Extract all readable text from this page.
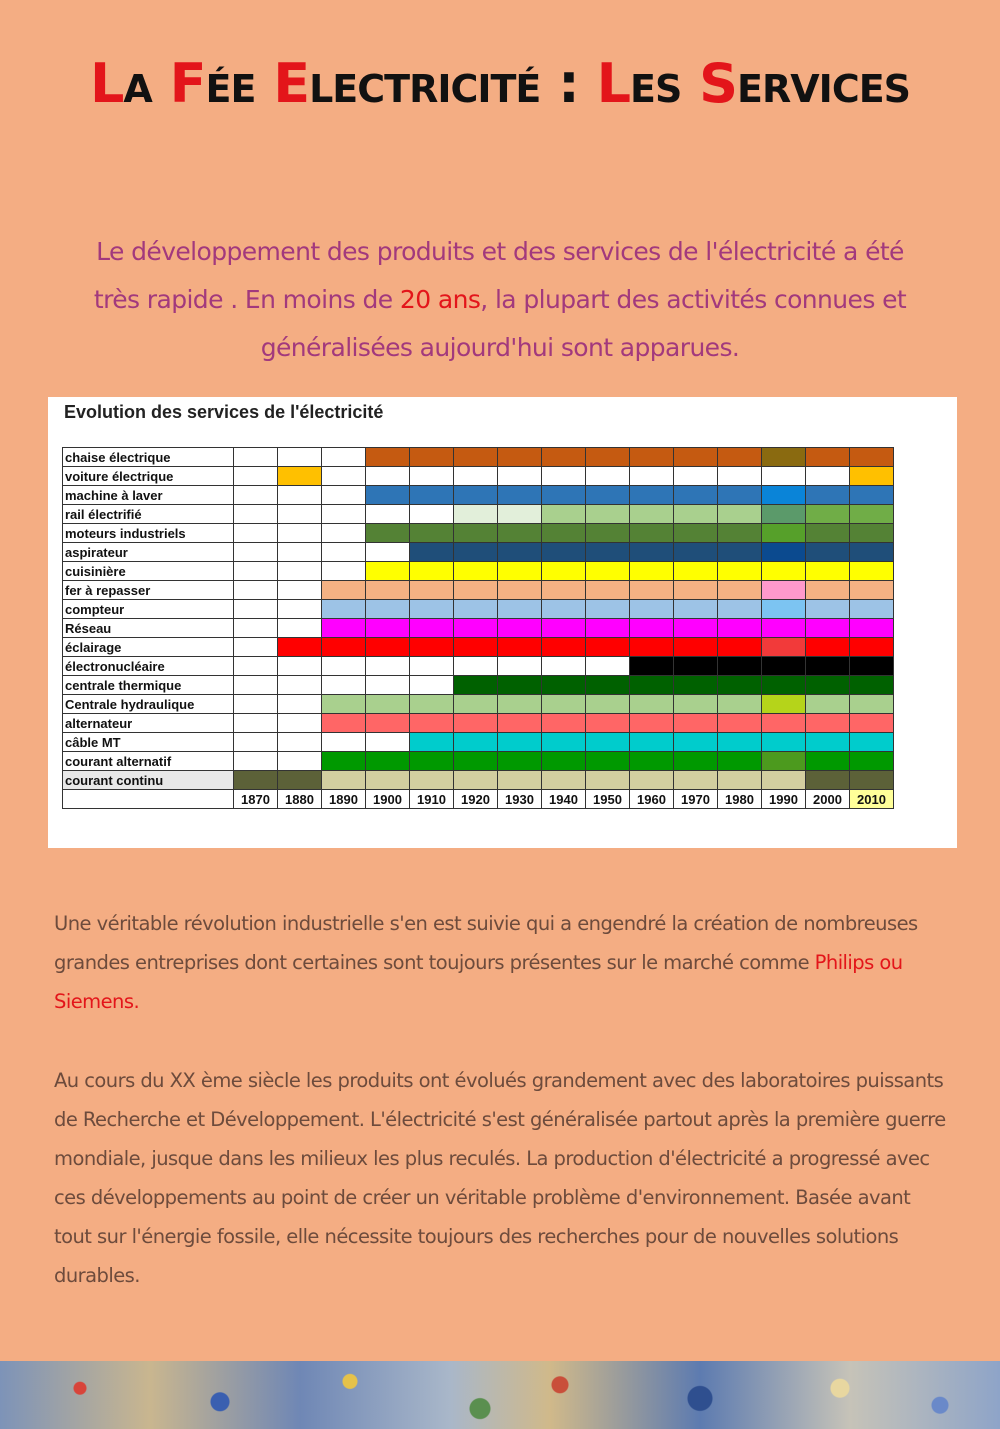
La Fée Electricité : Les Services
Le développement des produits et des services de l'électricité a été très rapide . En moins de 20 ans, la plupart des activités connues et généralisées aujourd'hui sont apparues.
Evolution des services de l'électricité
chaise électrique															
voiture électrique															
machine à laver															
rail électrifié															
moteurs industriels															
aspirateur															
cuisinière															
fer à repasser															
compteur															
Réseau															
éclairage															
électronucléaire															
centrale thermique															
Centrale hydraulique															
alternateur															
câble MT															
courant alternatif															
courant continu															
	1870	1880	1890	1900	1910	1920	1930	1940	1950	1960	1970	1980	1990	2000	2010
Une véritable révolution industrielle s'en est suivie qui a engendré la création de nombreuses grandes entreprises dont certaines sont toujours présentes sur le marché comme Philips ou Siemens.
Au cours du XX ème siècle les produits ont évolués grandement avec des laboratoires puissants de Recherche et Développement. L'électricité s'est généralisée partout après la première guerre mondiale, jusque dans les milieux les plus reculés. La production d'électricité a progressé avec ces développements au point de créer un véritable problème d'environnement. Basée avant tout sur l'énergie fossile, elle nécessite toujours des recherches pour de nouvelles solutions durables.
